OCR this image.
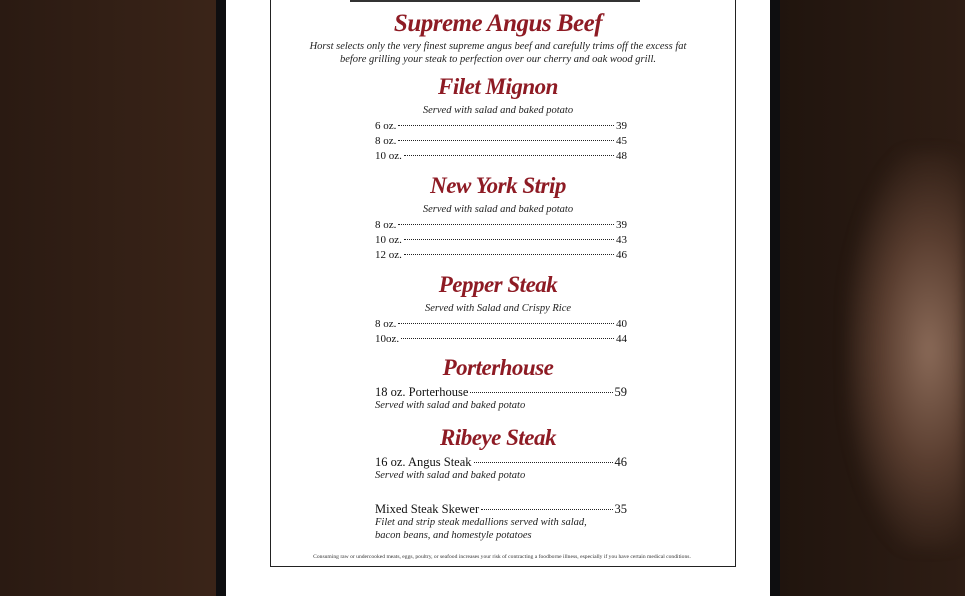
Supreme Angus Beef
Horst selects only the very finest supreme angus beef and carefully trims off the excess fat before grilling your steak to perfection over our cherry and oak wood grill.
Filet Mignon
Served with salad and baked potato
6 oz.	39
8 oz.	45
10 oz.	48
New York Strip
Served with salad and baked potato
8 oz.	39
10 oz.	43
12 oz.	46
Pepper Steak
Served with Salad and Crispy Rice
8 oz.	40
10oz.	44
Porterhouse
18 oz. Porterhouse	59
Served with salad and baked potato
Ribeye Steak
16 oz. Angus Steak	46
Served with salad and baked potato
Mixed Steak Skewer	35
Filet and strip steak medallions served with salad,
bacon beans, and homestyle potatoes
Consuming raw or undercooked meats, eggs, poultry, or seafood increases your risk of contracting a foodborne illness, especially if you have certain medical conditions.
